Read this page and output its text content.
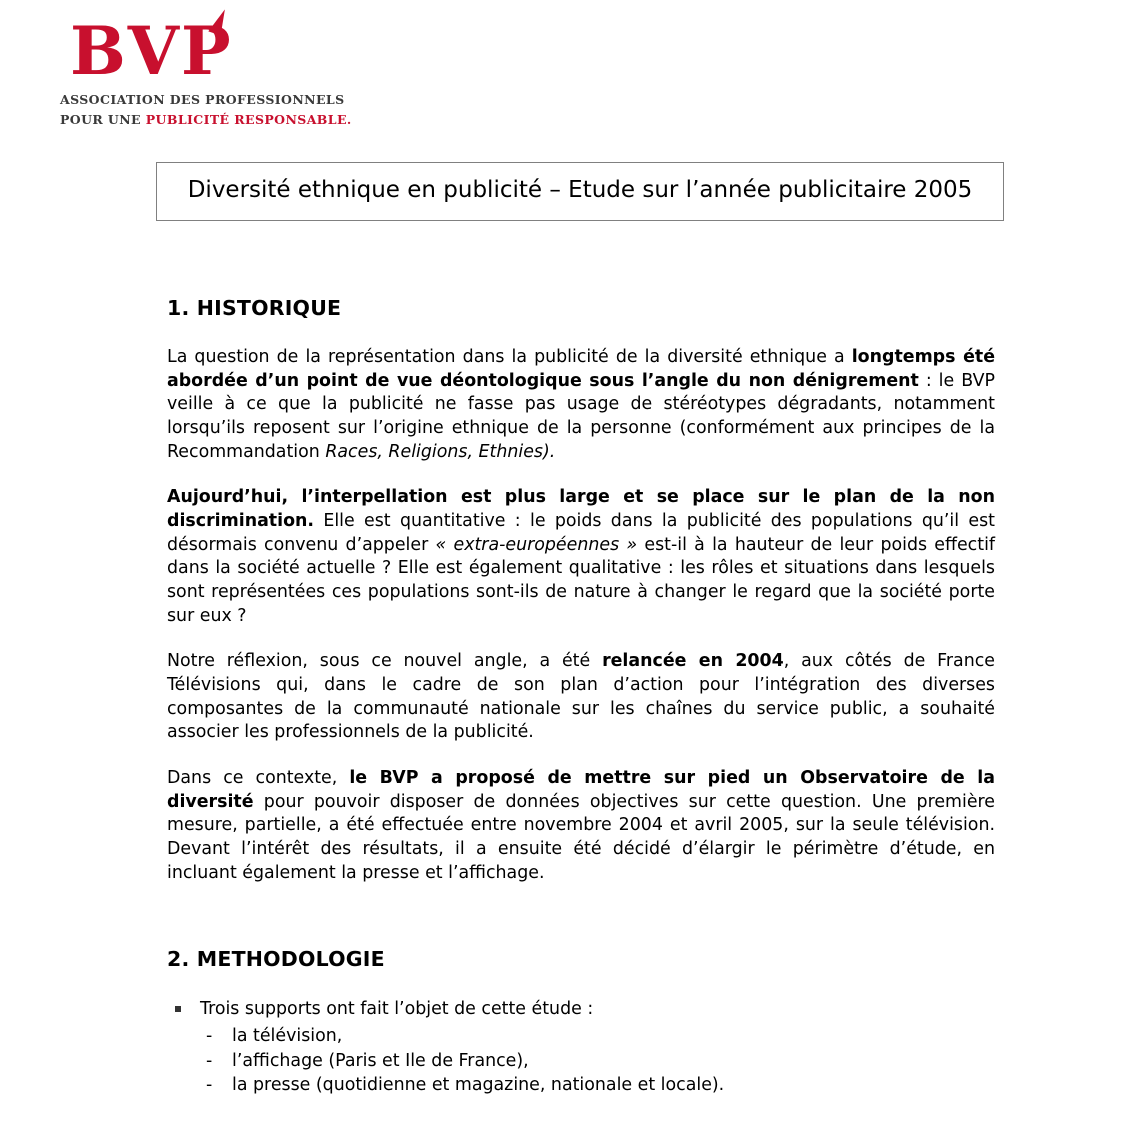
BVP
ASSOCIATION DES PROFESSIONNELS
POUR UNE PUBLICITÉ RESPONSABLE.
Diversité ethnique en publicité – Etude sur l’année publicitaire 2005
1. HISTORIQUE

La question de la représentation dans la publicité de la diversité ethnique a longtemps été abordée d’un point de vue déontologique sous l’angle du non dénigrement : le BVP veille à ce que la publicité ne fasse pas usage de stéréotypes dégradants, notamment lorsqu’ils reposent sur l’origine ethnique de la personne (conformément aux principes de la Recommandation Races, Religions, Ethnies).

Aujourd’hui, l’interpellation est plus large et se place sur le plan de la non discrimination. Elle est quantitative : le poids dans la publicité des populations qu’il est désormais convenu d’appeler « extra-européennes » est-il à la hauteur de leur poids effectif dans la société actuelle ? Elle est également qualitative : les rôles et situations dans lesquels sont représentées ces populations sont-ils de nature à changer le regard que la société porte sur eux ?

Notre réflexion, sous ce nouvel angle, a été relancée en 2004, aux côtés de France Télévisions qui, dans le cadre de son plan d’action pour l’intégration des diverses composantes de la communauté nationale sur les chaînes du service public, a souhaité associer les professionnels de la publicité.

Dans ce contexte, le BVP a proposé de mettre sur pied un Observatoire de la diversité pour pouvoir disposer de données objectives sur cette question. Une première mesure, partielle, a été effectuée entre novembre 2004 et avril 2005, sur la seule télévision. Devant l’intérêt des résultats, il a ensuite été décidé d’élargir le périmètre d’étude, en incluant également la presse et l’affichage.

2. METHODOLOGIE
Trois supports ont fait l’objet de cette étude :
- la télévision,
- l’affichage (Paris et Ile de France),
- la presse (quotidienne et magazine, nationale et locale).
